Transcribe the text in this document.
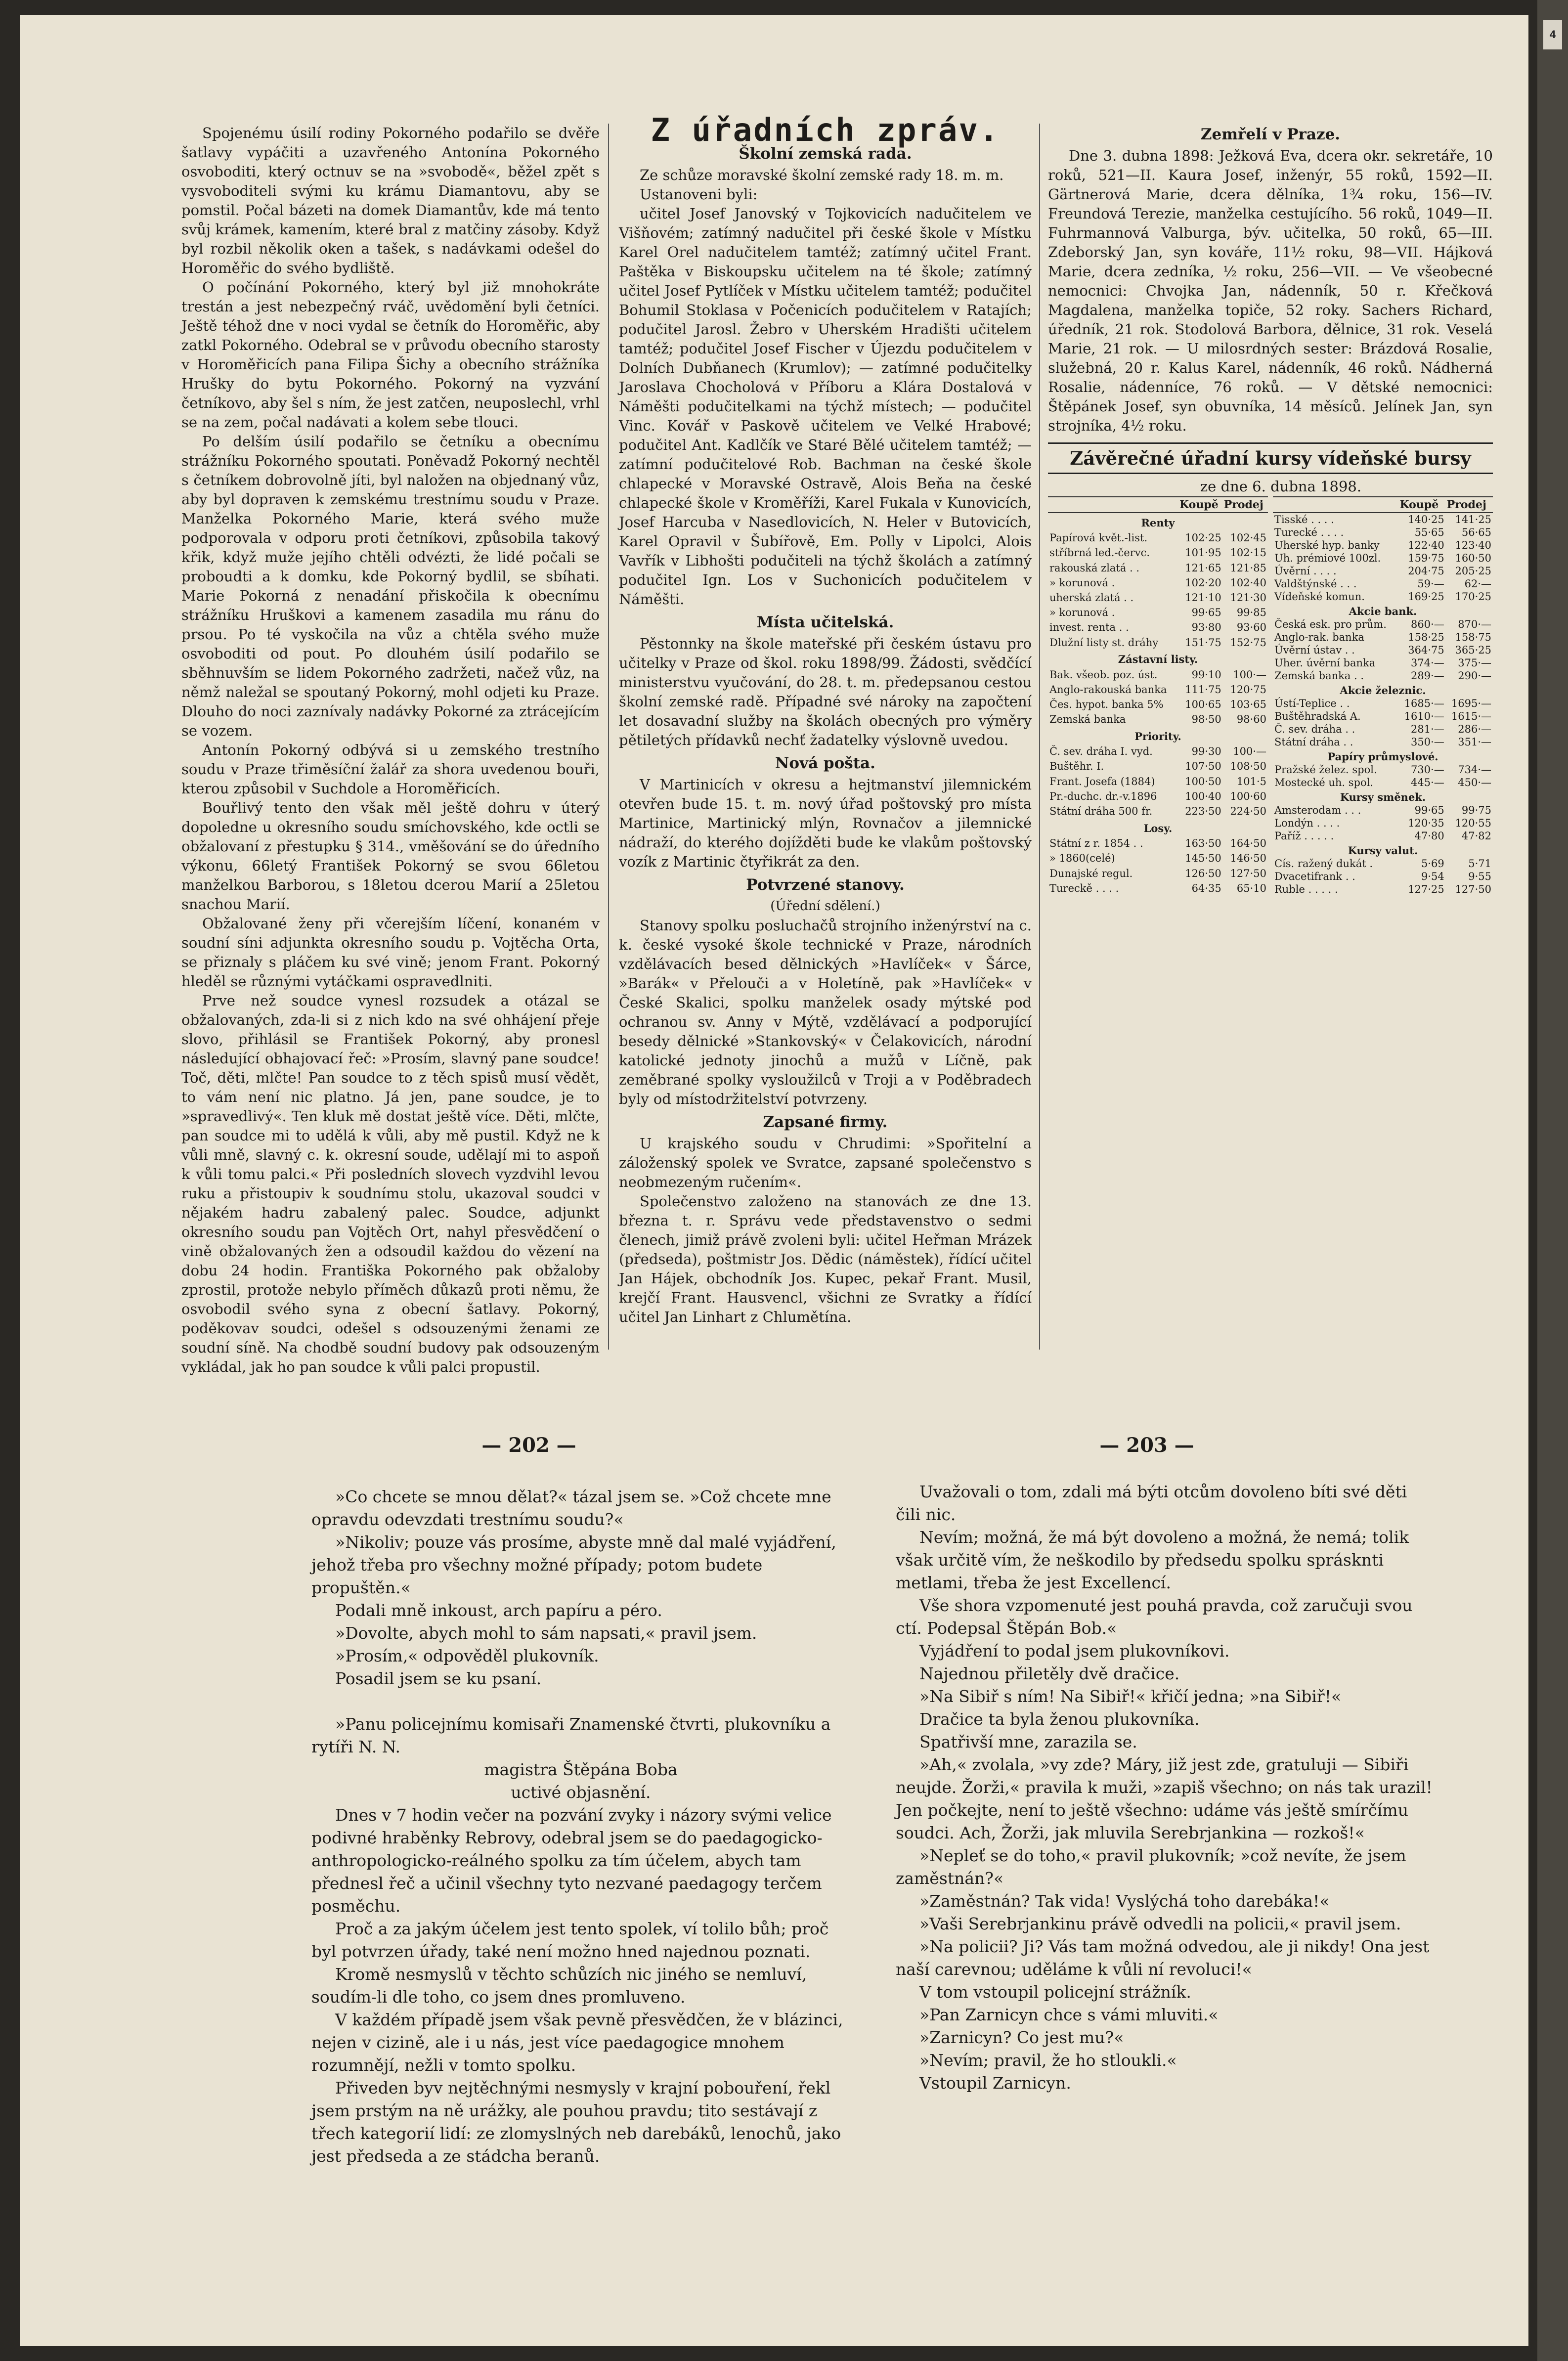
Spojenému úsilí rodiny Pokorného podařilo se dvěře šatlavy vypáčiti a uzavřeného Antonína Pokorného osvoboditi, který octnuv se na »svobodě«, běžel zpět s vysvoboditeli svými ku krámu Diamantovu, aby se pomstil. Počal bázeti na domek Diamantův, kde má tento svůj krámek, kamením, které bral z matčiny zásoby. Když byl rozbil několik oken a tašek, s nadávkami odešel do Horoměřic do svého bydliště.

O počínání Pokorného, který byl již mnohokráte trestán a jest nebezpečný rváč, uvědomění byli četníci. Ještě téhož dne v noci vydal se četník do Horoměřic, aby zatkl Pokorného. Odebral se v průvodu obecního starosty v Horoměřicích pana Filipa Šichy a obecního strážníka Hrušky do bytu Pokorného. Pokorný na vyzvání četníkovo, aby šel s ním, že jest zatčen, neuposlechl, vrhl se na zem, počal nadávati a kolem sebe tlouci.

Po delším úsilí podařilo se četníku a obecnímu strážníku Pokorného spoutati. Poněvadž Pokorný nechtěl s četníkem dobrovolně jíti, byl naložen na objednaný vůz, aby byl dopraven k zemskému trestnímu soudu v Praze. Manželka Pokorného Marie, která svého muže podporovala v odporu proti četníkovi, způsobila takový křik, když muže jejího chtěli odvézti, že lidé počali se proboudti a k domku, kde Pokorný bydlil, se sbíhati. Marie Pokorná z nenadání přiskočila k obecnímu strážníku Hruškovi a kamenem zasadila mu ránu do prsou. Po té vyskočila na vůz a chtěla svého muže osvoboditi od pout. Po dlouhém úsilí podařilo se sběhnuvším se lidem Pokorného zadržeti, načež vůz, na němž naležal se spoutaný Pokorný, mohl odjeti ku Praze. Dlouho do noci zaznívaly nadávky Pokorné za ztrácejícím se vozem.

Antonín Pokorný odbývá si u zemského trestního soudu v Praze třiměsíční žalář za shora uvedenou bouři, kterou způsobil v Suchdole a Horoměřicích.

Bouřlivý tento den však měl ještě dohru v úterý dopoledne u okresního soudu smíchovského, kde octli se obžalovaní z přestupku § 314., vměšování se do úředního výkonu, 66letý František Pokorný se svou 66letou manželkou Barborou, s 18letou dcerou Marií a 25letou snachou Marií.

Obžalované ženy při včerejším líčení, konaném v soudní síni adjunkta okresního soudu p. Vojtěcha Orta, se přiznaly s pláčem ku své vině; jenom Frant. Pokorný hleděl se různými vytáčkami ospravedlniti.

Prve než soudce vynesl rozsudek a otázal se obžalovaných, zda-li si z nich kdo na své ohhájení přeje slovo, přihlásil se František Pokorný, aby pronesl následující obhajovací řeč: »Prosím, slavný pane soudce! Toč, děti, mlčte! Pan soudce to z těch spisů musí vědět, to vám není nic platno. Já jen, pane soudce, je to »spravedlivý«. Ten kluk mě dostat ještě více. Děti, mlčte, pan soudce mi to udělá k vůli, aby mě pustil. Když ne k vůli mně, slavný c. k. okresní soude, udělají mi to aspoň k vůli tomu palci.« Při posledních slovech vyzdvihl levou ruku a přistoupiv k soudnímu stolu, ukazoval soudci v nějakém hadru zabalený palec. Soudce, adjunkt okresního soudu pan Vojtěch Ort, nahyl přesvědčení o vině obžalovaných žen a odsoudil každou do vězení na dobu 24 hodin. Františka Pokorného pak obžaloby zprostil, protože nebylo příměch důkazů proti němu, že osvobodil svého syna z obecní šatlavy. Pokorný, poděkovav soudci, odešel s odsouzenými ženami ze soudní síně. Na chodbě soudní budovy pak odsouzeným vykládal, jak ho pan soudce k vůli palci propustil.

Z úřadních zpráv.
Školní zemská rada.

Ze schůze moravské školní zemské rady 18. m. m.

Ustanoveni byli:

učitel Josef Janovský v Tojkovicích nadučitelem ve Višňovém; zatímný nadučitel při české škole v Místku Karel Orel nadučitelem tamtéž; zatímný učitel Frant. Paštěka v Biskoupsku učitelem na té škole; zatímný učitel Josef Pytlíček v Místku učitelem tamtéž; podučitel Bohumil Stoklasa v Počenicích podučitelem v Ratajích; podučitel Jarosl. Žebro v Uherském Hradišti učitelem tamtéž; podučitel Josef Fischer v Újezdu podučitelem v Dolních Dubňanech (Krumlov); — zatímné podučitelky Jaroslava Chocholová v Příboru a Klára Dostalová v Náměšti podučitelkami na týchž místech; — podučitel Vinc. Kovář v Paskově učitelem ve Velké Hrabové; podučitel Ant. Kadlčík ve Staré Bělé učitelem tamtéž; — zatímní podučitelové Rob. Bachman na české škole chlapecké v Moravské Ostravě, Alois Beňa na české chlapecké škole v Kroměříži, Karel Fukala v Kunovicích, Josef Harcuba v Nasedlovicích, N. Heler v Butovicích, Karel Opravil v Šubířově, Em. Polly v Lipolci, Alois Vavřík v Libhošti podučiteli na týchž školách a zatímný podučitel Ign. Los v Suchonicích podučitelem v Náměšti.

Místa učitelská.

Pěstonnky na škole mateřské při českém ústavu pro učitelky v Praze od škol. roku 1898/99. Žádosti, svědčící ministerstvu vyučování, do 28. t. m. předepsanou cestou školní zemské radě. Případné své nároky na započtení let dosavadní služby na školách obecných pro výměry pětiletých přídavků nechť žadatelky výslovně uvedou.

Nová pošta.

V Martinicích v okresu a hejtmanství jilemnickém otevřen bude 15. t. m. nový úřad poštovský pro místa Martinice, Martinický mlýn, Rovnačov a jilemnické nádraží, do kterého dojížděti bude ke vlakům poštovský vozík z Martinic čtyřikrát za den.

Potvrzené stanovy.

(Úřední sdělení.)

Stanovy spolku posluchačů strojního inženýrství na c. k. české vysoké škole technické v Praze, národních vzdělávacích besed dělnických »Havlíček« v Šárce, »Barák« v Přelouči a v Holetíně, pak »Havlíček« v České Skalici, spolku manželek osady mýtské pod ochranou sv. Anny v Mýtě, vzdělávací a podporující besedy dělnické »Stankovský« v Čelakovicích, národní katolické jednoty jinochů a mužů v Líčně, pak zeměbrané spolky vysloužilců v Troji a v Poděbradech byly od místodržitelství potvrzeny.

Zapsané firmy.

U krajského soudu v Chrudimi: »Spořitelní a záloženský spolek ve Svratce, zapsané společenstvo s neobmezeným ručením«.

Společenstvo založeno na stanovách ze dne 13. března t. r. Správu vede představenstvo o sedmi členech, jimiž právě zvoleni byli: učitel Heřman Mrázek (předseda), poštmistr Jos. Dědic (náměstek), řídící učitel Jan Hájek, obchodník Jos. Kupec, pekař Frant. Musil, krejčí Frant. Hausvencl, všichni ze Svratky a řídící učitel Jan Linhart z Chlumětína.

Zemřelí v Praze.

Dne 3. dubna 1898: Ježková Eva, dcera okr. sekretáře, 10 roků, 521—II. Kaura Josef, inženýr, 55 roků, 1592—II. Gärtnerová Marie, dcera dělníka, 1¾ roku, 156—IV. Freundová Terezie, manželka cestujícího. 56 roků, 1049—II. Fuhrmannová Valburga, býv. učitelka, 50 roků, 65—III. Zdeborský Jan, syn kováře, 11½ roku, 98—VII. Hájková Marie, dcera zedníka, ½ roku, 256—VII. — Ve všeobecné nemocnici: Chvojka Jan, nádenník, 50 r. Křečková Magdalena, manželka topiče, 52 roky. Sachers Richard, úředník, 21 rok. Stodolová Barbora, dělnice, 31 rok. Veselá Marie, 21 rok. — U milosrdných sester: Brázdová Rosalie, služebná, 20 r. Kalus Karel, nádenník, 46 roků. Nádherná Rosalie, nádenníce, 76 roků. — V dětské nemocnici: Štěpánek Josef, syn obuvníka, 14 měsíců. Jelínek Jan, syn strojníka, 4½ roku.

Závěrečné úřadní kursy vídeňské bursy

ze dne 6. dubna 1898.

	Koupě	Prodej
Renty		
Papírová květ.-list.	102·25	102·45
stříbrná led.-červc.	101·95	102·15
rakouská zlatá . .	121·65	121·85
» korunová .	102·20	102·40
uherská zlatá . .	121·10	121·30
» korunová .	99·65	99·85
invest. renta . .	93·80	93·60
Dlužní listy st. dráhy	151·75	152·75
Zástavní listy.		
Bak. všeob. poz. úst.	99·10	100·—
Anglo-rakouská banka	111·75	120·75
Čes. hypot. banka 5%	100·65	103·65
Zemská banka	98·50	98·60
Priority.		
Č. sev. dráha I. vyd.	99·30	100·—
Buštěhr. I.	107·50	108·50
Frant. Josefa (1884)	100·50	101·5
Pr.-duchc. dr.-v.1896	100·40	100·60
Státní dráha 500 fr.	223·50	224·50
Losy.		
Státní z r. 1854 . .	163·50	164·50
» 1860(celé)	145·50	146·50
Dunajské regul.	126·50	127·50
Tureckě . . . .	64·35	65·10
	Koupě	Prodej
Tisské . . . .	140·25	141·25
Turecké . . . .	55·65	56·65
Uherské hyp. banky	122·40	123·40
Uh. prémiové 100zl.	159·75	160·50
Úvěrní . . . .	204·75	205·25
Valdštýnské . . .	59·—	62·—
Vídeňské komun.	169·25	170·25
Akcie bank.		
Česká esk. pro prům.	860·—	870·—
Anglo-rak. banka	158·25	158·75
Úvěrní ústav . .	364·75	365·25
Uher. úvěrní banka	374·—	375·—
Zemská banka . .	289·—	290·—
Akcie železnic.		
Ústí-Teplice . .	1685·—	1695·—
Buštěhradská A.	1610·—	1615·—
Č. sev. dráha . .	281·—	286·—
Státní dráha . .	350·—	351·—
Papíry průmyslové.		
Pražské želez. spol.	730·—	734·—
Mostecké uh. spol.	445·—	450·—
Kursy směnek.		
Amsterodam . . .	99·65	99·75
Londýn . . . .	120·35	120·55
Paříž . . . . .	47·80	47·82
Kursy valut.		
Cís. ražený dukát .	5·69	5·71
Dvacetifrank . .	9·54	9·55
Ruble . . . . .	127·25	127·50
— 202 —	— 203 —

»Co chcete se mnou dělat?« tázal jsem se. »Což chcete mne opravdu odevzdati trestnímu soudu?«

»Nikoliv; pouze vás prosíme, abyste mně dal malé vyjádření, jehož třeba pro všechny možné případy; potom budete propuštěn.«

Podali mně inkoust, arch papíru a péro.

»Dovolte, abych mohl to sám napsati,« pravil jsem.

»Prosím,« odpověděl plukovník.

Posadil jsem se ku psaní.

»Panu policejnímu komisaři Znamenské čtvrti, plukovníku a rytíři N. N.

magistra Štěpána Boba

uctivé objasnění.

Dnes v 7 hodin večer na pozvání zvyky i názory svými velice podivné hraběnky Rebrovy, odebral jsem se do paedagogicko-anthropologicko-reálného spolku za tím účelem, abych tam přednesl řeč a učinil všechny tyto nezvané paedagogy terčem posměchu.

Proč a za jakým účelem jest tento spolek, ví tolilo bůh; proč byl potvrzen úřady, také není možno hned najednou poznati.

Kromě nesmyslů v těchto schůzích nic jiného se nemluví, soudím-li dle toho, co jsem dnes promluveno.

V každém případě jsem však pevně přesvědčen, že v blázinci, nejen v cizině, ale i u nás, jest více paedagogice mnohem rozumnějí, nežli v tomto spolku.

Přiveden byv nejtěchnými nesmysly v krajní pobouření, řekl jsem prstým na ně urážky, ale pouhou pravdu; tito sestávají z třech kategorií lidí: ze zlomyslných neb darebáků, lenochů, jako jest předseda a ze stádcha beranů.

Uvažovali o tom, zdali má býti otcům dovoleno bíti své děti čili nic.

Nevím; možná, že má být dovoleno a možná, že nemá; tolik však určitě vím, že neškodilo by předsedu spolku sprásknti metlami, třeba že jest Excellencí.

Vše shora vzpomenuté jest pouhá pravda, což zaručuji svou ctí. Podepsal Štěpán Bob.«

Vyjádření to podal jsem plukovníkovi.

Najednou přiletěly dvě dračice.

»Na Sibiř s ním! Na Sibiř!« křičí jedna; »na Sibiř!«

Dračice ta byla ženou plukovníka.

Spatřivší mne, zarazila se.

»Ah,« zvolala, »vy zde? Máry, již jest zde, gratuluji — Sibiři neujde. Žorži,« pravila k muži, »zapiš všechno; on nás tak urazil! Jen počkejte, není to ještě všechno: udáme vás ještě smírčímu soudci. Ach, Žorži, jak mluvila Serebrjankina — rozkoš!«

»Nepleť se do toho,« pravil plukovník; »což nevíte, že jsem zaměstnán?«

»Zaměstnán? Tak vida! Vyslýchá toho darebáka!«

»Vaši Serebrjankinu právě odvedli na policii,« pravil jsem.

»Na policii? Ji? Vás tam možná odvedou, ale ji nikdy! Ona jest naší carevnou; uděláme k vůli ní revoluci!«

V tom vstoupil policejní strážník.

»Pan Zarnicyn chce s vámi mluviti.«

»Zarnicyn? Co jest mu?«

»Nevím; pravil, že ho stloukli.«

Vstoupil Zarnicyn.

4
